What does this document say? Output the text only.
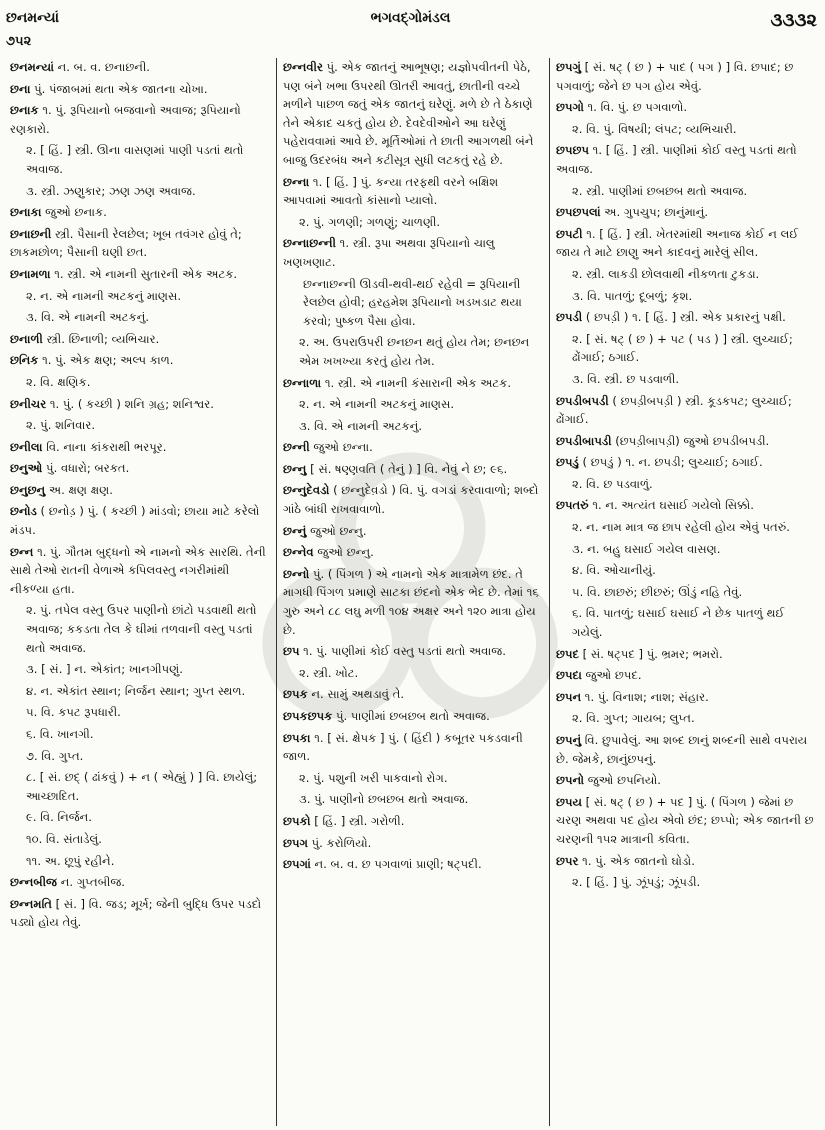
છનમન્યાં	ભગવદ્ગોમંડલ	૩૩૩૨
૭૫૨
છનમન્યાં ન. બ. વ. છનાછની.
છના પું. પંજાબમાં થતા એક જાતના ચોખા.
છનાક ૧. પું. રૂપિયાનો બજવાનો અવાજ; રૂપિયાનો રણકારો.
૨. [ હિં. ] સ્ત્રી. ઊના વાસણમાં પાણી પડતાં થતો અવાજ.
૩. સ્ત્રી. ઝણુકાર; ઝણ ઝણ અવાજ.
છનાકા જુઓ છનાક.
છનાછની સ્ત્રી. પૈસાની રેલછેલ; ખૂબ તવંગર હોવું તે; છાકમછોળ; પૈસાની ઘણી છત.
છનામળા ૧. સ્ત્રી. એ નામની સુતારની એક અટક.
૨. ન. એ નામની અટકનું માણસ.
૩. વિ. એ નામની અટકનું.
છનાળી સ્ત્રી. છિનાળી; વ્યભિચાર.
છનિક ૧. પું. એક ક્ષણ; અલ્પ કાળ.
૨. વિ. ક્ષણિક.
છનીચર ૧. પું. ( કચ્છી ) શનિ ગ્રહ; શનિશ્વર.
૨. પું. શનિવાર.
છનીલા વિ. નાના કાંકરાથી ભરપૂર.
છનુઓ પું. વધારો; બરકત.
છનુછનુ અ. ક્ષણ ક્ષણ.
છનોડ ( છનોડ઼ ) પું. ( કચ્છી ) માંડવો; છાયા માટે કરેલો મંડપ.
છન્ન ૧. પું. ગૌતમ બુદ્ધનો એ નામનો એક સારથિ. તેની સાથે તેઓ રાતની વેળાએ કપિલવસ્તુ નગરીમાંથી નીકળ્યા હતા.
૨. પું. તપેલ વસ્તુ ઉપર પાણીનો છાંટો પડવાથી થતો અવાજ; કકડતા તેલ કે ઘીમાં તળવાની વસ્તુ પડતાં થતો અવાજ.
૩. [ સં. ] ન. એકાંત; ખાનગીપણું.
૪. ન. એકાંત સ્થાન; નિર્જન સ્થાન; ગુપ્ત સ્થળ.
૫. વિ. કપટ રૂપધારી.
૬. વિ. ખાનગી.
૭. વિ. ગુપ્ત.
૮. [ સં. છદ્ ( ઢાંકવું ) + ન ( એહ્મું ) ] વિ. છાયેલું; આચ્છાદિત.
૯. વિ. નિર્જન.
૧૦. વિ. સંતાડેલું.
૧૧. અ. છૂપું રહીને.
છન્નબીજ ન. ગુપ્તબીજ.
છન્નમતિ [ સં. ] વિ. જડ; મૂર્ખ; જેની બુદ્ધિ ઉપર પડદો પડ્યો હોય તેવું.
છન્નવીર પું. એક જાતનું આભૂષણ; યજ્ઞોપવીતની પેઠે, પણ બંને ખભા ઉપરથી ઊતરી આવતું, છાતીની વચ્ચે મળીને પાછળ જતું એક જાતનું ઘરેણું. મળે છે તે ઠેકાણે તેને એકાદ ચકતું હોય છે. દેવદેવીઓને આ ઘરેણું પહેરાવવામાં આવે છે. મૂર્તિઓમાં તે છાતી આગળથી બંને બાજુ ઉદરબંધ અને કટીસૂત્ર સુધી લટકતું રહે છે.
છન્ના ૧. [ હિં. ] પું. કન્યા તરફથી વરને બક્ષિશ આપવામાં આવતો કાંસાનો પ્યાલો.
૨. પું. ગળણી; ગળણું; ચાળણી.
છન્નાછન્ની ૧. સ્ત્રી. રૂપા અથવા રૂપિયાનો ચાલુ ખણખણાટ.
છન્નાછન્ની ઊડવી-થવી-થઈ રહેવી = રૂપિયાની રેલછેલ હોવી; હરહમેશ રૂપિયાનો ખડખડાટ થયા કરવો; પુષ્કળ પૈસા હોવા.
૨. અ. ઉપરાઉપરી છનછન થતું હોય તેમ; છનછન એમ ખખખ્યા કરતું હોય તેમ.
છન્નાળા ૧. સ્ત્રી. એ નામની કંસારાની એક અટક.
૨. ન. એ નામની અટકનું માણસ.
૩. વિ. એ નામની અટકનું.
છન્ની જુઓ છન્ના.
છન્નુ [ સં. ષણ્ણવતિ ( તેનું ) ] વિ. નેવું ને છ; ૯૬.
છન્નુદેવડો ( છન્નુદેવ઼ડો ) વિ. પું. વગડાં કરવાવાળો; શબ્દો ગાંઠે બાંધી રાખવાવાળો.
છન્નું જુઓ છન્નુ.
છન્નેવ જુઓ છન્નુ.
છન્નો પું. ( પિંગળ ) એ નામનો એક માત્રામેળ છંદ. તે માગધી પિંગળ પ્રમાણે સાટકા છંદનો એક ભેદ છે. તેમાં ૧૬ ગુરુ અને ૮૮ લઘુ મળી ૧૦૪ અક્ષર અને ૧૨૦ માત્રા હોય છે.
છપ ૧. પું. પાણીમાં કોઈ વસ્તુ પડતાં થતો અવાજ.
૨. સ્ત્રી. ખોટ.
છપક ન. સામું અથડાવું તે.
છપકછપક પું. પાણીમાં છબછબ થતો અવાજ.
છપકા ૧. [ સં. ક્ષેપક ] પું. ( હિંદી ) કબૂતર પકડવાની જાળ.
૨. પું. પશુની ખરી પાકવાનો રોગ.
૩. પું. પાણીનો છબછબ થતો અવાજ.
છપકો [ હિં. ] સ્ત્રી. ગરોળી.
છપગ પું. કરોળિયો.
છપગાં ન. બ. વ. છ પગવાળાં પ્રાણી; ષટ્પદી.
છપગું [ સં. ષટ્ ( છ ) + પાદ ( પગ ) ] વિ. છપાદ; છ પગવાળું; જેને છ પગ હોય એવું.
છપગો ૧. વિ. પું. છ પગવાળો.
૨. વિ. પું. વિષયી; લંપટ; વ્યભિચારી.
છપછપ ૧. [ હિં. ] સ્ત્રી. પાણીમાં કોઈ વસ્તુ પડતાં થતો અવાજ.
૨. સ્ત્રી. પાણીમાં છબછબ થતો અવાજ.
છપછપલાં અ. ગુપચુપ; છાનુંમાનું.
છપટી ૧. [ હિં. ] સ્ત્રી. ખેતરમાંથી અનાજ કોઈ ન લઈ જાય તે માટે છાણુ અને કાદવનું મારેલું સીલ.
૨. સ્ત્રી. લાકડી છોલવાથી નીકળતા ટુકડા.
૩. વિ. પાતળું; દૂબળું; કૃશ.
છપડી ( છપડ઼ી ) ૧. [ હિં. ] સ્ત્રી. એક પ્રકારનું પક્ષી.
૨. [ સં. ષટ્ ( છ ) + પટ ( પડ ) ] સ્ત્રી. લુચ્ચાઈ; ઢોંગાઈ; ઠગાઈ.
૩. વિ. સ્ત્રી. છ પડવાળી.
છપડીબપડી ( છપડ઼ીબપડ઼ી ) સ્ત્રી. કૂડકપટ; લુચ્ચાઈ; ઢોંગાઈ.
છપડીબાપડી (છપડ઼ીબાપડ઼ી) જુઓ છપડીબપડી.
છપડું ( છપડ઼ું ) ૧. ન. છપડી; લુચ્ચાઈ; ઠગાઈ.
૨. વિ. છ પડવાળું.
છપતરું ૧. ન. અત્યંત ઘસાઈ ગયેલો સિક્કો.
૨. ન. નામ માત્ર જ છાપ રહેલી હોય એવું પતરું.
૩. ન. બહુ ઘસાઈ ગયેલ વાસણ.
૪. વિ. ઓચાનીયું.
૫. વિ. છાછરું; છીછરું; ઊંડું નહિ તેવું.
૬. વિ. પાતળું; ઘસાઈ ઘસાઈ ને છેક પાતળું થઈ ગયેલું.
છપદ [ સં. ષટ્પદ ] પું. ભ્રમર; ભમરો.
છપદા જુઓ છપદ.
છપન ૧. પું. વિનાશ; નાશ; સંહાર.
૨. વિ. ગુપ્ત; ગાયબ; લુપ્ત.
છપનું વિ. છુપાવેલું. આ શબ્દ છાનું શબ્દની સાથે વપરાય છે. જેમકે, છાનુંછપનું.
છપનો જુઓ છપનિયો.
છપય [ સં. ષટ્ ( છ ) + પદ ] પું. ( પિંગળ ) જેમાં છ ચરણ અથવા પદ હોય એવો છંદ; છપ્પો; એક જાતની છ ચરણની ૧૫૨ માત્રાની કવિતા.
છપર ૧. પું. એક જાતનો ઘોડો.
૨. [ હિં. ] પું. ઝૂંપડું; ઝૂંપડી.
